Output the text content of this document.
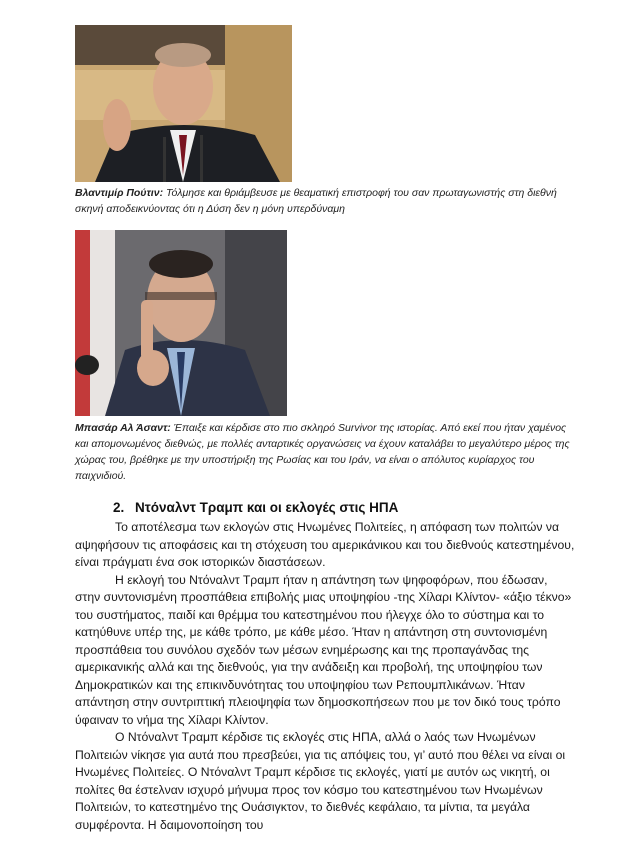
Βλαντιμίρ Πούτιν: Τόλμησε και θριάμβευσε με θεαματική επιστροφή του σαν πρωταγωνιστής στη διεθνή σκηνή αποδεικνύοντας ότι η Δύση δεν η μόνη υπερδύναμη
Μπασάρ Αλ Άσαντ: Έπαιξε και κέρδισε στο πιο σκληρό Survivor της ιστορίας. Από εκεί που ήταν χαμένος και απομονωμένος διεθνώς, με πολλές ανταρτικές οργανώσεις να έχουν καταλάβει το μεγαλύτερο μέρος της χώρας του, βρέθηκε με την υποστήριξη της Ρωσίας και του Ιράν, να είναι ο απόλυτος κυρίαρχος του παιχνιδιού.
2. Ντόναλντ Τραμπ και οι εκλογές στις ΗΠΑ

Το αποτέλεσμα των εκλογών στις Ηνωμένες Πολιτείες, η απόφαση των πολιτών να αψηφήσουν τις αποφάσεις και τη στόχευση του αμερικάνικου και του διεθνούς κατεστημένου, είναι πράγματι ένα σοκ ιστορικών διαστάσεων.

Η εκλογή του Ντόναλντ Τραμπ ήταν η απάντηση των ψηφοφόρων, που έδωσαν, στην συντονισμένη προσπάθεια επιβολής μιας υποψηφίου -της Χίλαρι Κλίντον- «άξιο τέκνο» του συστήματος, παιδί και θρέμμα του κατεστημένου που ήλεγχε όλο το σύστημα και το κατηύθυνε υπέρ της, με κάθε τρόπο, με κάθε μέσο. Ήταν η απάντηση στη συντονισμένη προσπάθεια του συνόλου σχεδόν των μέσων ενημέρωσης και της προπαγάνδας της αμερικανικής αλλά και της διεθνούς, για την ανάδειξη και προβολή, της υποψηφίου των Δημοκρατικών και της επικινδυνότητας του υποψηφίου των Ρεπουμπλικάνων. Ήταν απάντηση στην συντριπτική πλειοψηφία των δημοσκοπήσεων που με τον δικό τους τρόπο ύφαιναν το νήμα της Χίλαρι Κλίντον.

Ο Ντόναλντ Τραμπ κέρδισε τις εκλογές στις ΗΠΑ, αλλά ο λαός των Ηνωμένων Πολιτειών νίκησε για αυτά που πρεσβεύει, για τις απόψεις του, γι’ αυτό που θέλει να είναι οι Ηνωμένες Πολιτείες. Ο Ντόναλντ Τραμπ κέρδισε τις εκλογές, γιατί με αυτόν ως νικητή, οι πολίτες θα έστελναν ισχυρό μήνυμα προς τον κόσμο του κατεστημένου των Ηνωμένων Πολιτειών, το κατεστημένο της Ουάσιγκτον, το διεθνές κεφάλαιο, τα μίντια, τα μεγάλα συμφέροντα. Η δαιμονοποίηση του
